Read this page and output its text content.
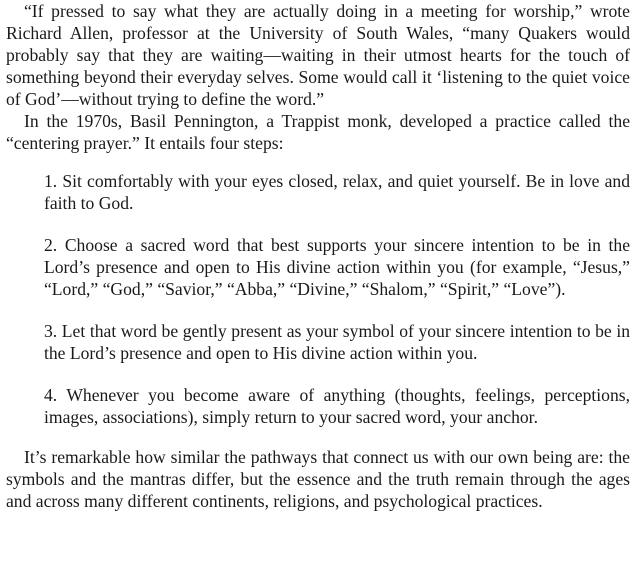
“If pressed to say what they are actually doing in a meeting for worship,” wrote Richard Allen, professor at the University of South Wales, “many Quakers would probably say that they are waiting—waiting in their utmost hearts for the touch of something beyond their everyday selves. Some would call it ‘listening to the quiet voice of God’—without trying to define the word.”

In the 1970s, Basil Pennington, a Trappist monk, developed a practice called the “centering prayer.” It entails four steps:

1. Sit comfortably with your eyes closed, relax, and quiet yourself. Be in love and faith to God.

2. Choose a sacred word that best supports your sincere intention to be in the Lord’s presence and open to His divine action within you (for example, “Jesus,” “Lord,” “God,” “Savior,” “Abba,” “Divine,” “Shalom,” “Spirit,” “Love”).

3. Let that word be gently present as your symbol of your sincere intention to be in the Lord’s presence and open to His divine action within you.

4. Whenever you become aware of anything (thoughts, feelings, perceptions, images, associations), simply return to your sacred word, your anchor.

It’s remarkable how similar the pathways that connect us with our own being are: the symbols and the mantras differ, but the essence and the truth remain through the ages and across many different continents, religions, and psychological practices.
